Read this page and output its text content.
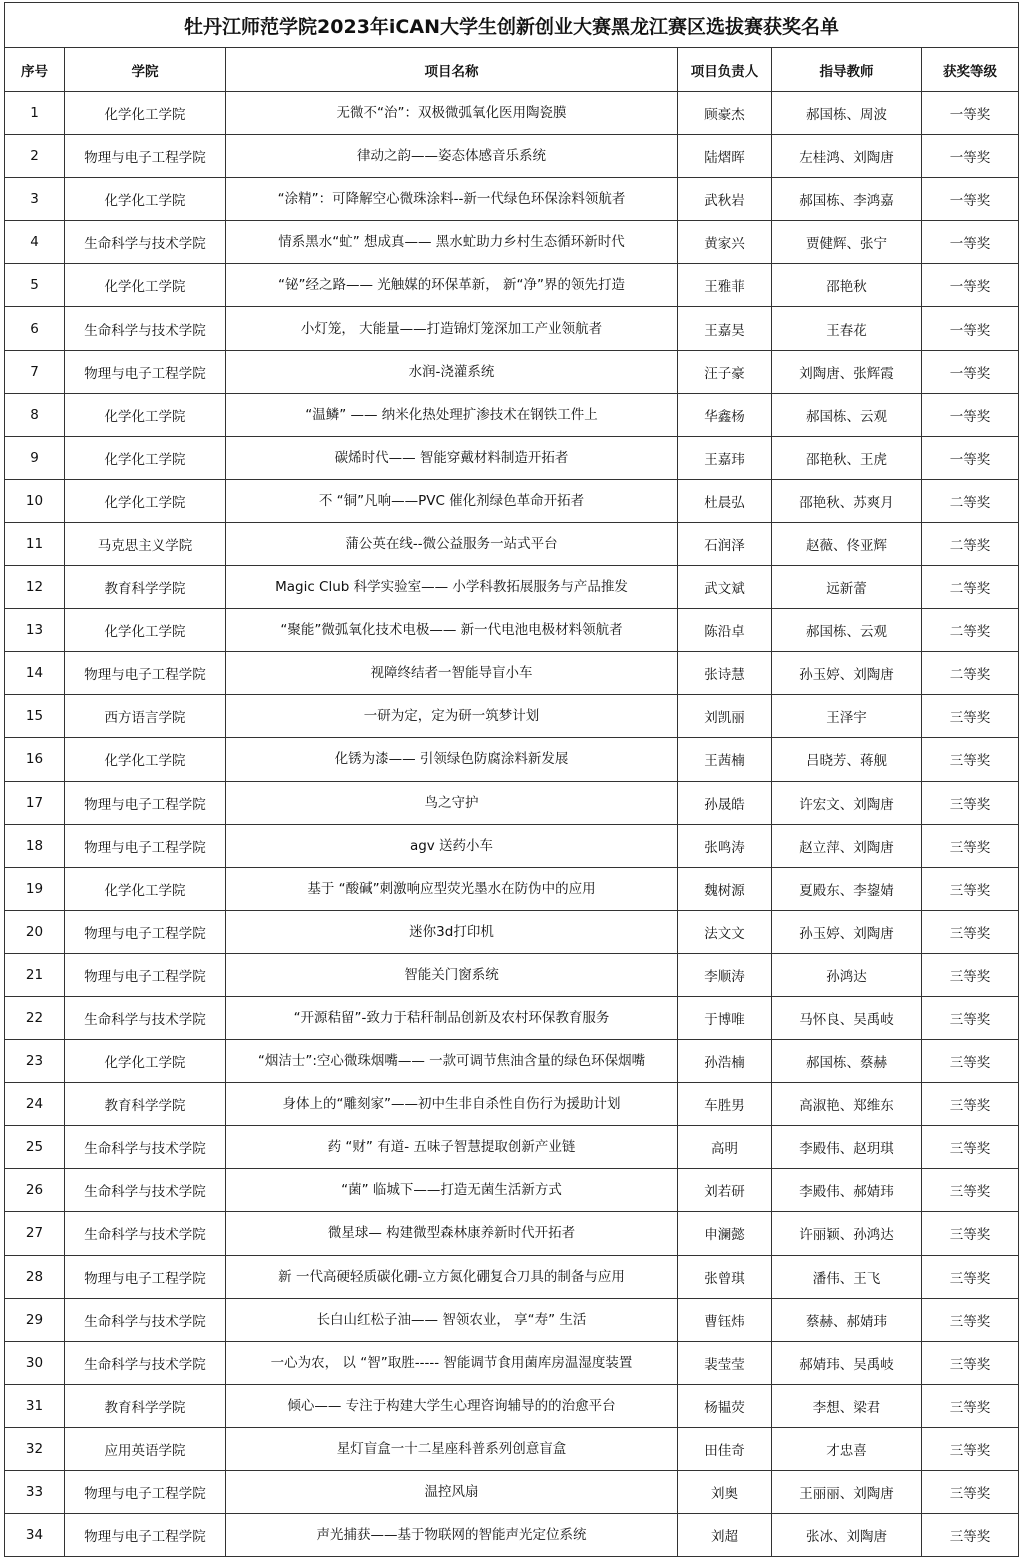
牡丹江师范学院2023年iCAN大学生创新创业大赛黑龙江赛区选拔赛获奖名单					
序号	学院	项目名称	项目负责人	指导教师	获奖等级
1	化学化工学院	无微不“治”：双极微弧氧化医用陶瓷膜	顾豪杰	郝国栋、周波	一等奖
2	物理与电子工程学院	律动之韵——姿态体感音乐系统	陆熠晖	左桂鸿、刘陶唐	一等奖
3	化学化工学院	“涂精”：可降解空心微珠涂料--新一代绿色环保涂料领航者	武秋岩	郝国栋、李鸿嘉	一等奖
4	生命科学与技术学院	情系黑水“虻” 想成真—— 黑水虻助力乡村生态循环新时代	黄家兴	贾健辉、张宁	一等奖
5	化学化工学院	“铋”经之路—— 光触媒的环保革新， 新“净”界的领先打造	王雅菲	邵艳秋	一等奖
6	生命科学与技术学院	小灯笼， 大能量——打造锦灯笼深加工产业领航者	王嘉昊	王春花	一等奖
7	物理与电子工程学院	水润-浇灌系统	汪子豪	刘陶唐、张辉霞	一等奖
8	化学化工学院	“温鳞” —— 纳米化热处理扩渗技术在钢铁工件上	华鑫杨	郝国栋、云观	一等奖
9	化学化工学院	碳烯时代—— 智能穿戴材料制造开拓者	王嘉玮	邵艳秋、王虎	一等奖
10	化学化工学院	不 “铜”凡响——PVC 催化剂绿色革命开拓者	杜晨弘	邵艳秋、苏爽月	二等奖
11	马克思主义学院	蒲公英在线--微公益服务一站式平台	石润泽	赵薇、佟亚辉	二等奖
12	教育科学学院	Magic Club 科学实验室—— 小学科教拓展服务与产品推发	武文斌	远新蕾	二等奖
13	化学化工学院	“聚能”微弧氧化技术电极—— 新一代电池电极材料领航者	陈沿卓	郝国栋、云观	二等奖
14	物理与电子工程学院	视障终结者一智能导盲小车	张诗慧	孙玉婷、刘陶唐	二等奖
15	西方语言学院	一研为定，定为研一筑梦计划	刘凯丽	王泽宇	三等奖
16	化学化工学院	化锈为漆—— 引领绿色防腐涂料新发展	王茜楠	吕晓芳、蒋舰	三等奖
17	物理与电子工程学院	鸟之守护	孙晟皓	许宏文、刘陶唐	三等奖
18	物理与电子工程学院	agv 送药小车	张鸣涛	赵立萍、刘陶唐	三等奖
19	化学化工学院	基于 “酸碱”刺激响应型荧光墨水在防伪中的应用	魏树源	夏殿东、李鋆婧	三等奖
20	物理与电子工程学院	迷你3d打印机	法文文	孙玉婷、刘陶唐	三等奖
21	物理与电子工程学院	智能关门窗系统	李顺涛	孙鸿达	三等奖
22	生命科学与技术学院	“开源秸留”-致力于秸秆制品创新及农村环保教育服务	于博唯	马怀良、吴禹岐	三等奖
23	化学化工学院	“烟洁士”:空心微珠烟嘴—— 一款可调节焦油含量的绿色环保烟嘴	孙浩楠	郝国栋、蔡赫	三等奖
24	教育科学学院	身体上的“雕刻家”——初中生非自杀性自伤行为援助计划	车胜男	高淑艳、郑维东	三等奖
25	生命科学与技术学院	药 “财” 有道- 五味子智慧提取创新产业链	高明	李殿伟、赵玥琪	三等奖
26	生命科学与技术学院	“菌” 临城下——打造无菌生活新方式	刘若研	李殿伟、郝婧玮	三等奖
27	生命科学与技术学院	微星球— 构建微型森林康养新时代开拓者	申澜懿	许丽颖、孙鸿达	三等奖
28	物理与电子工程学院	新 一代高硬轻质碳化硼-立方氮化硼复合刀具的制备与应用	张曾琪	潘伟、王飞	三等奖
29	生命科学与技术学院	长白山红松子油—— 智领农业， 享“寿” 生活	曹钰炜	蔡赫、郝婧玮	三等奖
30	生命科学与技术学院	一心为农， 以 “智”取胜----- 智能调节食用菌库房温湿度装置	裴莹莹	郝婧玮、吴禹岐	三等奖
31	教育科学学院	倾心—— 专注于构建大学生心理咨询辅导的的治愈平台	杨韫荧	李想、梁君	三等奖
32	应用英语学院	星灯盲盒一十二星座科普系列创意盲盒	田佳奇	才忠喜	三等奖
33	物理与电子工程学院	温控风扇	刘奥	王丽丽、刘陶唐	三等奖
34	物理与电子工程学院	声光捕获——基于物联网的智能声光定位系统	刘超	张冰、刘陶唐	三等奖
